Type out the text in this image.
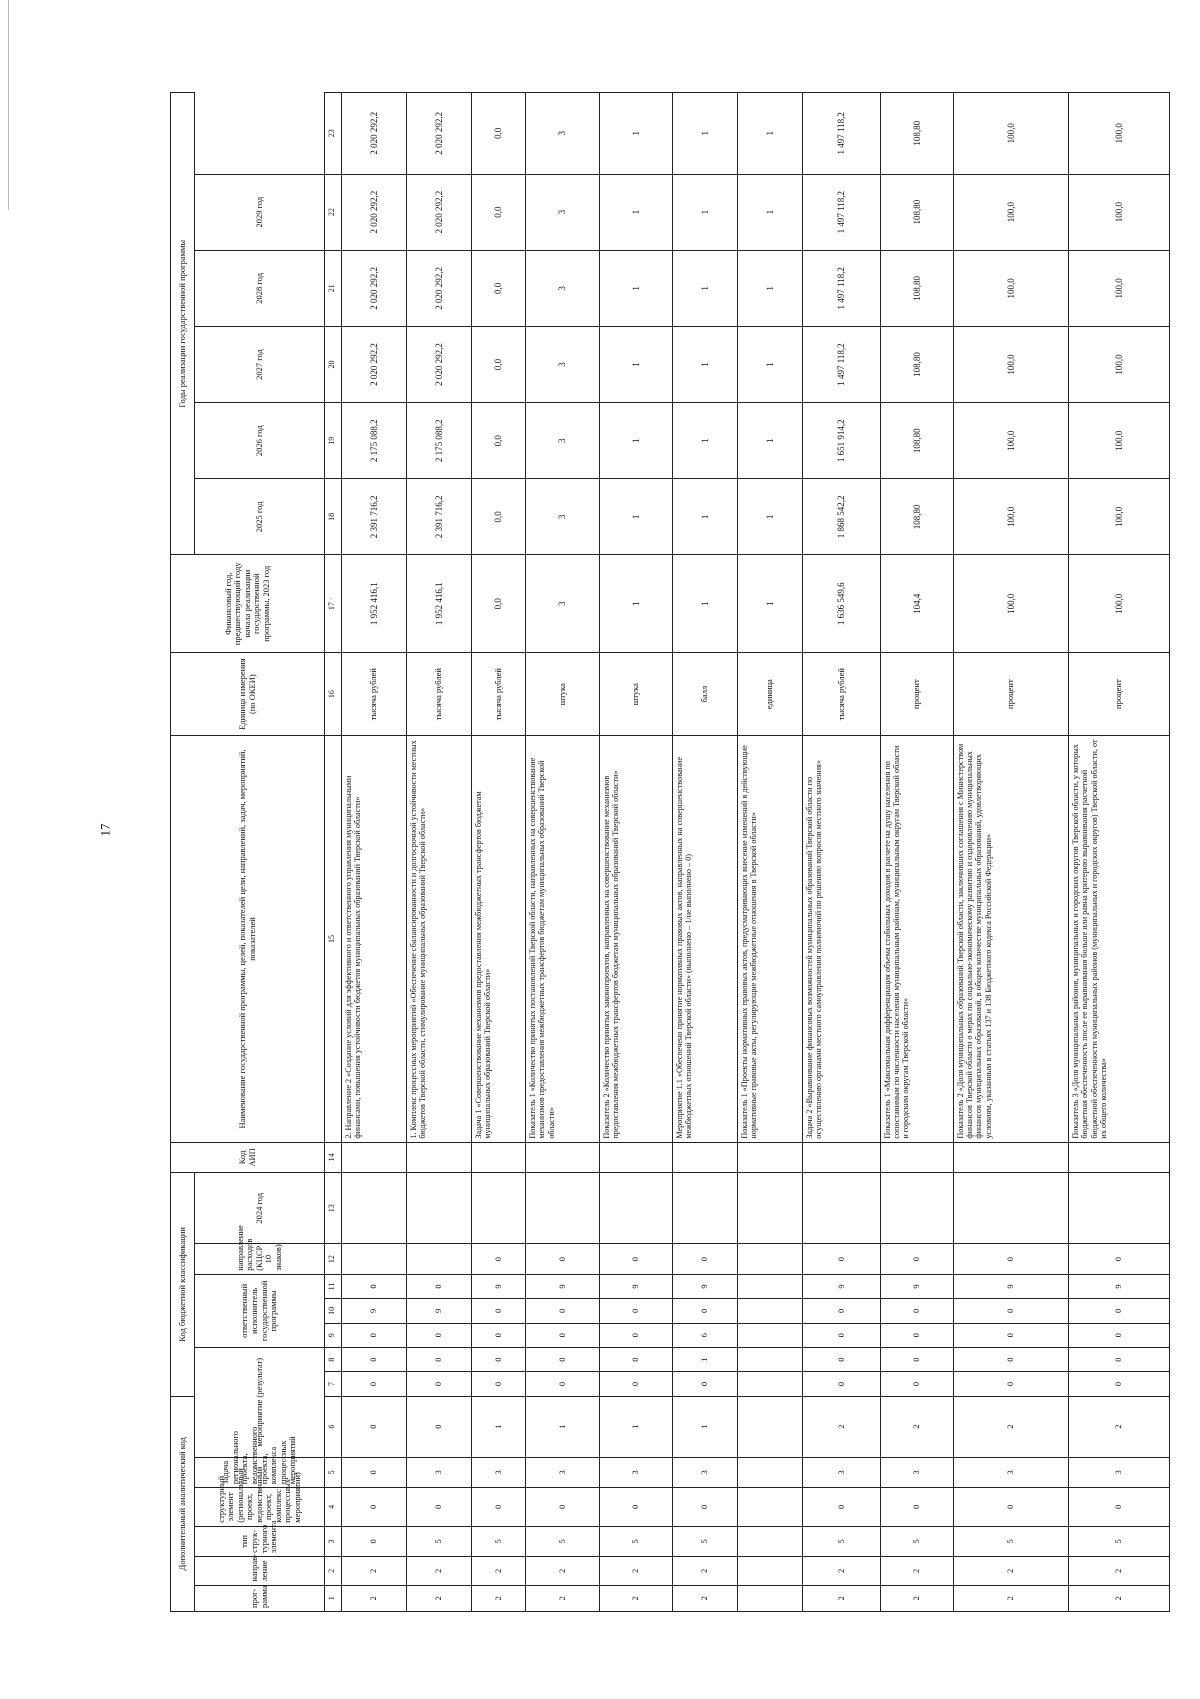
17
Дополнительный аналитический код						Код бюджетной классификации							Код АИП	Наименование государственной программы, целей, показателей цели, направлений, задач, мероприятий, показателей	Единица измерения (по ОКЕИ)	Финансовый год, предшествующий году начала реализации государственной программы, 2023 год	Годы реализации государственной программы					
прог- рамма	направ- ление	тип струк- турного элемента	структурный элемент (региональный проект, ведомственный проект, комплекс процессных мероприятий)	задача регионального проекта, ведомственного проекта, комплекса процессных мероприятий	мероприятие (результат)			ответственный исполнитель государственной программы			направление расходов (КЦСР 10 знаков)	2024 год					2025 год	2026 год	2027 год	2028 год	2029 год	
1	2	3	4	5	6	7	8	9	10	11	12	13	14	15	16	17 ·	18	19	20	21	22	23
2	2	0	0	0	0	0	0	0	9	0				2. Направление 2 «Создание условий для эффективного и ответственного управления муниципальными финансами, повышения устойчивости бюджетов муниципальных образований Тверской области»	тысяча рублей	1 952 416,1	2 391 716,2	2 175 088,2	2 020 292,2	2 020 292,2	2 020 292,2	2 020 292,2
2	2	5	0	3	0	0	0	0	9	0				1. Комплекс процессных мероприятий «Обеспечение сбалансированности и долгосрочной устойчивости местных бюджетов Тверской области, стимулирование муниципальных образований Тверской области»	тысяча рублей	1 952 416,1	2 391 716,2	2 175 088,2	2 020 292,2	2 020 292,2	2 020 292,2	2 020 292,2
2	2	5	0	3	1	0	0	0	0	9	0			Задача 1 «Совершенствование механизмов предоставления межбюджетных трансфертов бюджетам муниципальных образований Тверской области»	тысяча рублей	0,0	0,0	0,0	0,0	0,0	0,0	0,0
2	2	5	0	3	1	0	0	0	0	9	0			Показатель 1 «Количество принятых постановлений Тверской области, направленных на совершенствование механизмов предоставления межбюджетных трансфертов бюджетам муниципальных образований Тверской области»	штука	3	3	3	3	3	3	3
2	2	5	0	3	1	0	0	0	0	9	0			Показатель 2 «Количество принятых законопроектов, направленных на совершенствование механизмов предоставления межбюджетных трансфертов бюджетам муниципальных образований Тверской области»	штука	1	1	1	1	1	1	1
2	2	5	0	3	1	0	1	6	0	9	0			Мероприятие 1.1 «Обеспечено принятие нормативных правовых актов, направленных на совершенствование межбюджетных отношений Тверской области» (выполнено – 1/не выполнено – 0)	балл	1	1	1	1	1	1	1
														Показатель 1 «Проекты нормативных правовых актов, предусматривающих внесение изменений в действующие нормативные правовые акты, регулирующие межбюджетные отношения в Тверской области»	единица	1	1	1	1	1	1	1
2	2	5	0	3	2	0	0	0	0	9	0			Задача 2 «Выравнивание финансовых возможностей муниципальных образований Тверской области по осуществлению органами местного самоуправления полномочий по решению вопросов местного значения»	тысяча рублей	1 636 549,6	1 868 542,2	1 651 914,2	1 497 118,2	1 497 118,2	1 497 118,2	1 497 118,2
2	2	5	0	3	2	0	0	0	0	9	0			Показатель 1 «Максимальная дифференциация объема стабильных доходов в расчете на душу населения по сопоставимым по численности населения муниципальным районам, муниципальным округам Тверской области и городским округам Тверской области»	процент	104,4	108,80	108,80	108,80	108,80	108,80	108,80
2	2	5	0	3	2	0	0	0	0	9	0			Показатель 2 «Доля муниципальных образований Тверской области, заключивших соглашения с Министерством финансов Тверской области о мерах по социально-экономическому развитию и оздоровлению муниципальных финансов муниципальных образований, в общем количестве муниципальных образований, удовлетворяющих условиям, указанным в статьях 137 и 138 Бюджетного кодекса Российской Федерации»	процент	100,0	100,0	100,0	100,0	100,0	100,0	100,0
2	2	5	0	3	2	0	0	0	0	9	0			Показатель 3 «Доля муниципальных районов, муниципальных и городских округов Тверской области, у которых бюджетная обеспеченность после ее выравнивания больше или равна критерию выравнивания расчетной бюджетной обеспеченности муниципальных районов (муниципальных и городских округов) Тверской области, от их общего количества»	процент	100,0	100,0	100,0	100,0	100,0	100,0	100,0
